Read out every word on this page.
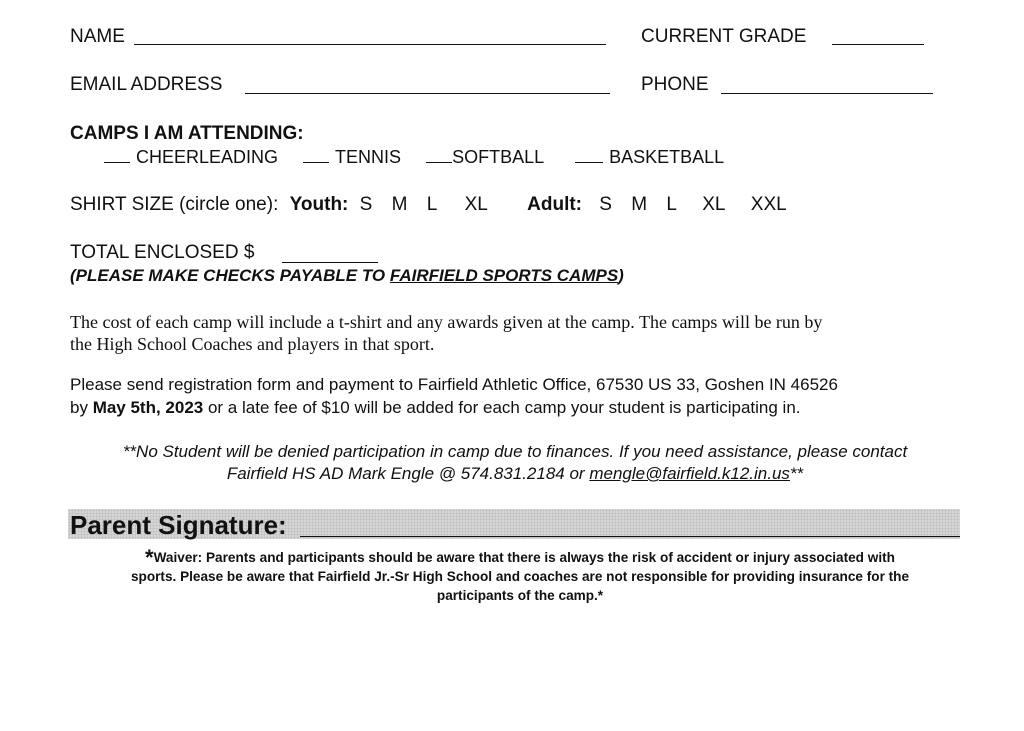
NAME	CURRENT GRADE
EMAIL ADDRESS	PHONE
CAMPS I AM ATTENDING:
CHEERLEADING	TENNIS	SOFTBALL	BASKETBALL
SHIRT SIZE (circle one): Youth: S M L XL Adult: S M L XL XXL
TOTAL ENCLOSED $
(PLEASE MAKE CHECKS PAYABLE TO FAIRFIELD SPORTS CAMPS)
The cost of each camp will include a t-shirt and any awards given at the camp. The camps will be run by
the High School Coaches and players in that sport.
Please send registration form and payment to Fairfield Athletic Office, 67530 US 33, Goshen IN 46526
by May 5th, 2023 or a late fee of $10 will be added for each camp your student is participating in.
**No Student will be denied participation in camp due to finances. If you need assistance, please contact
Fairfield HS AD Mark Engle @ 574.831.2184 or mengle@fairfield.k12.in.us**
Parent Signature:
*Waiver: Parents and participants should be aware that there is always the risk of accident or injury associated with
sports. Please be aware that Fairfield Jr.-Sr High School and coaches are not responsible for providing insurance for the
participants of the camp.*
